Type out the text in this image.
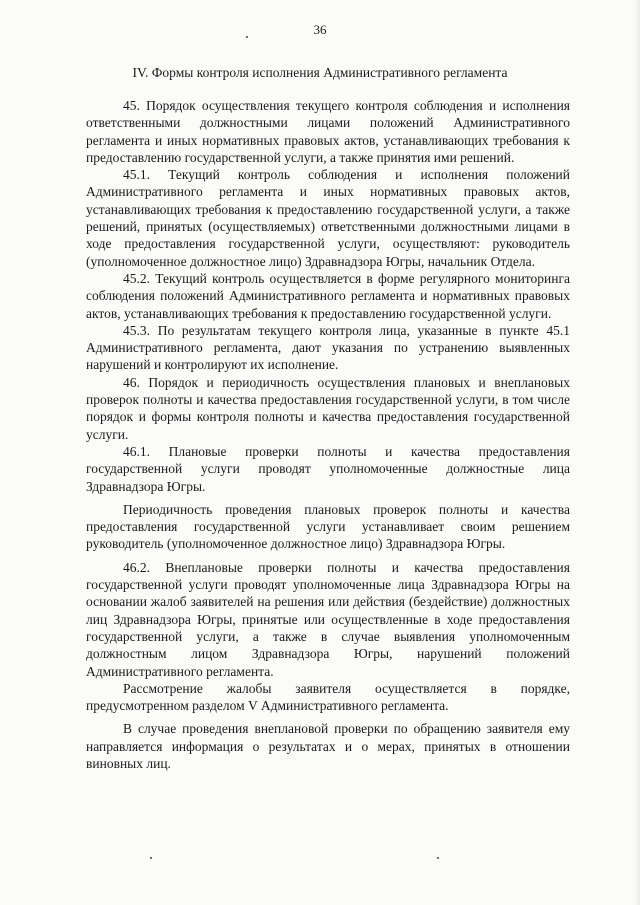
36
IV. Формы контроля исполнения Административного регламента

45. Порядок осуществления текущего контроля соблюдения и исполнения ответственными должностными лицами положений Административного регламента и иных нормативных правовых актов, устанавливающих требования к предоставлению государственной услуги, а также принятия ими решений.

45.1. Текущий контроль соблюдения и исполнения положений Административного регламента и иных нормативных правовых актов, устанавливающих требования к предоставлению государственной услуги, а также решений, принятых (осуществляемых) ответственными должностными лицами в ходе предоставления государственной услуги, осуществляют: руководитель (уполномоченное должностное лицо) Здравнадзора Югры, начальник Отдела.

45.2. Текущий контроль осуществляется в форме регулярного мониторинга соблюдения положений Административного регламента и нормативных правовых актов, устанавливающих требования к предоставлению государственной услуги.

45.3. По результатам текущего контроля лица, указанные в пункте 45.1 Административного регламента, дают указания по устранению выявленных нарушений и контролируют их исполнение.

46. Порядок и периодичность осуществления плановых и внеплановых проверок полноты и качества предоставления государственной услуги, в том числе порядок и формы контроля полноты и качества предоставления государственной услуги.

46.1. Плановые проверки полноты и качества предоставления государственной услуги проводят уполномоченные должностные лица Здравнадзора Югры.

Периодичность проведения плановых проверок полноты и качества предоставления государственной услуги устанавливает своим решением руководитель (уполномоченное должностное лицо) Здравнадзора Югры.

46.2. Внеплановые проверки полноты и качества предоставления государственной услуги проводят уполномоченные лица Здравнадзора Югры на основании жалоб заявителей на решения или действия (бездействие) должностных лиц Здравнадзора Югры, принятые или осуществленные в ходе предоставления государственной услуги, а также в случае выявления уполномоченным должностным лицом Здравнадзора Югры, нарушений положений Административного регламента.

Рассмотрение жалобы заявителя осуществляется в порядке, предусмотренном разделом V Административного регламента.

В случае проведения внеплановой проверки по обращению заявителя ему направляется информация о результатах и о мерах, принятых в отношении виновных лиц.
